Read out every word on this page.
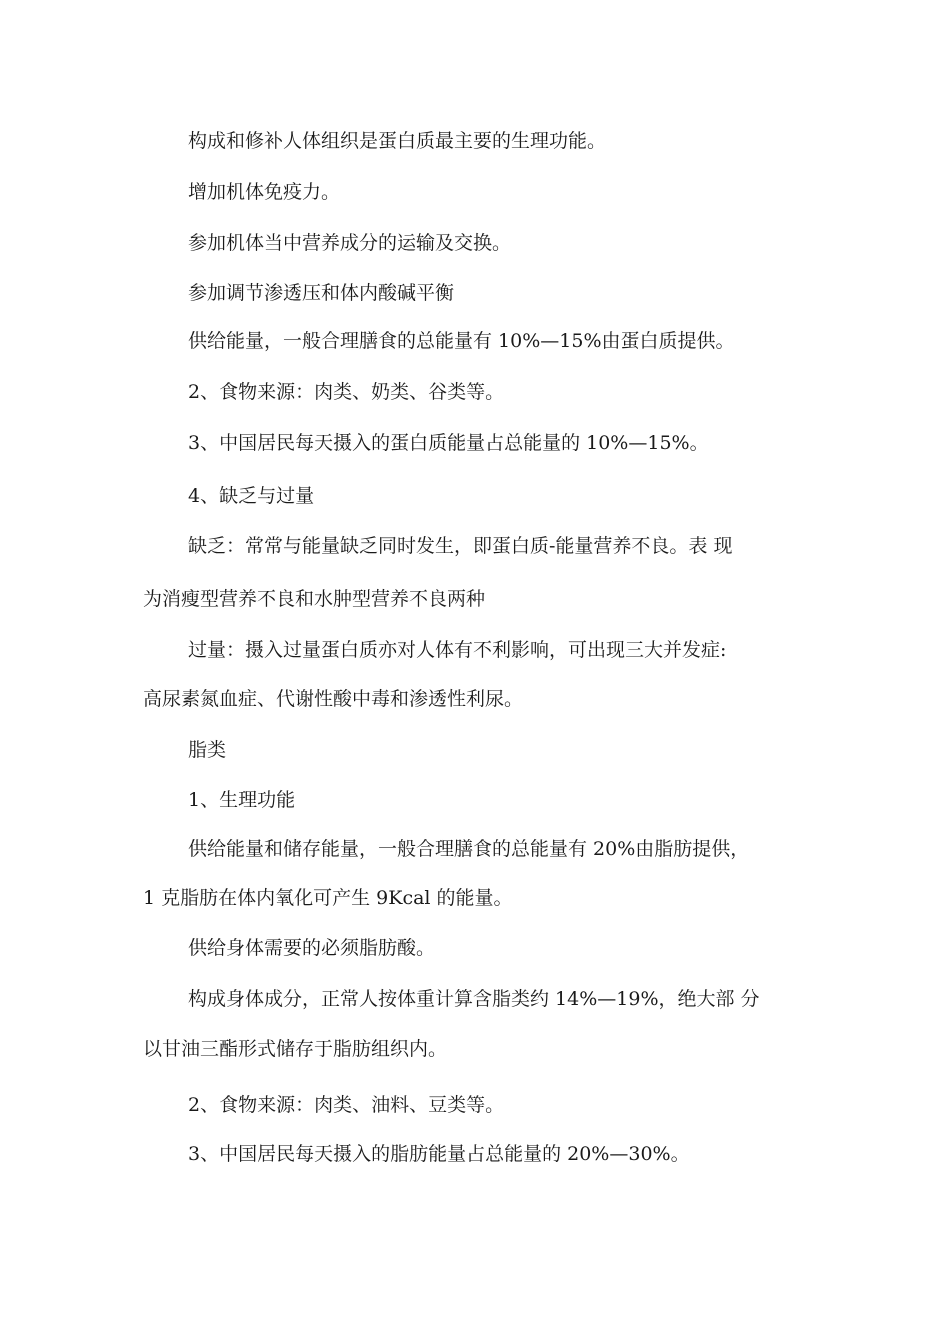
构成和修补人体组织是蛋白质最主要的生理功能。

增加机体免疫力。

参加机体当中营养成分的运输及交换。

参加调节渗透压和体内酸碱平衡

供给能量，一般合理膳食的总能量有 10%—15%由蛋白质提供。

2、食物来源：肉类、奶类、谷类等。

3、中国居民每天摄入的蛋白质能量占总能量的 10%—15%。

4、缺乏与过量

缺乏：常常与能量缺乏同时发生，即蛋白质-能量营养不良。表 现

为消瘦型营养不良和水肿型营养不良两种

过量：摄入过量蛋白质亦对人体有不利影响，可出现三大并发症:

高尿素氮血症、代谢性酸中毒和渗透性利尿。

脂类

1、生理功能

供给能量和储存能量，一般合理膳食的总能量有 20%由脂肪提供，

1 克脂肪在体内氧化可产生 9Kcal 的能量。

供给身体需要的必须脂肪酸。

构成身体成分，正常人按体重计算含脂类约 14%—19%，绝大部 分

以甘油三酯形式储存于脂肪组织内。

2、食物来源：肉类、油料、豆类等。

3、中国居民每天摄入的脂肪能量占总能量的 20%—30%。
